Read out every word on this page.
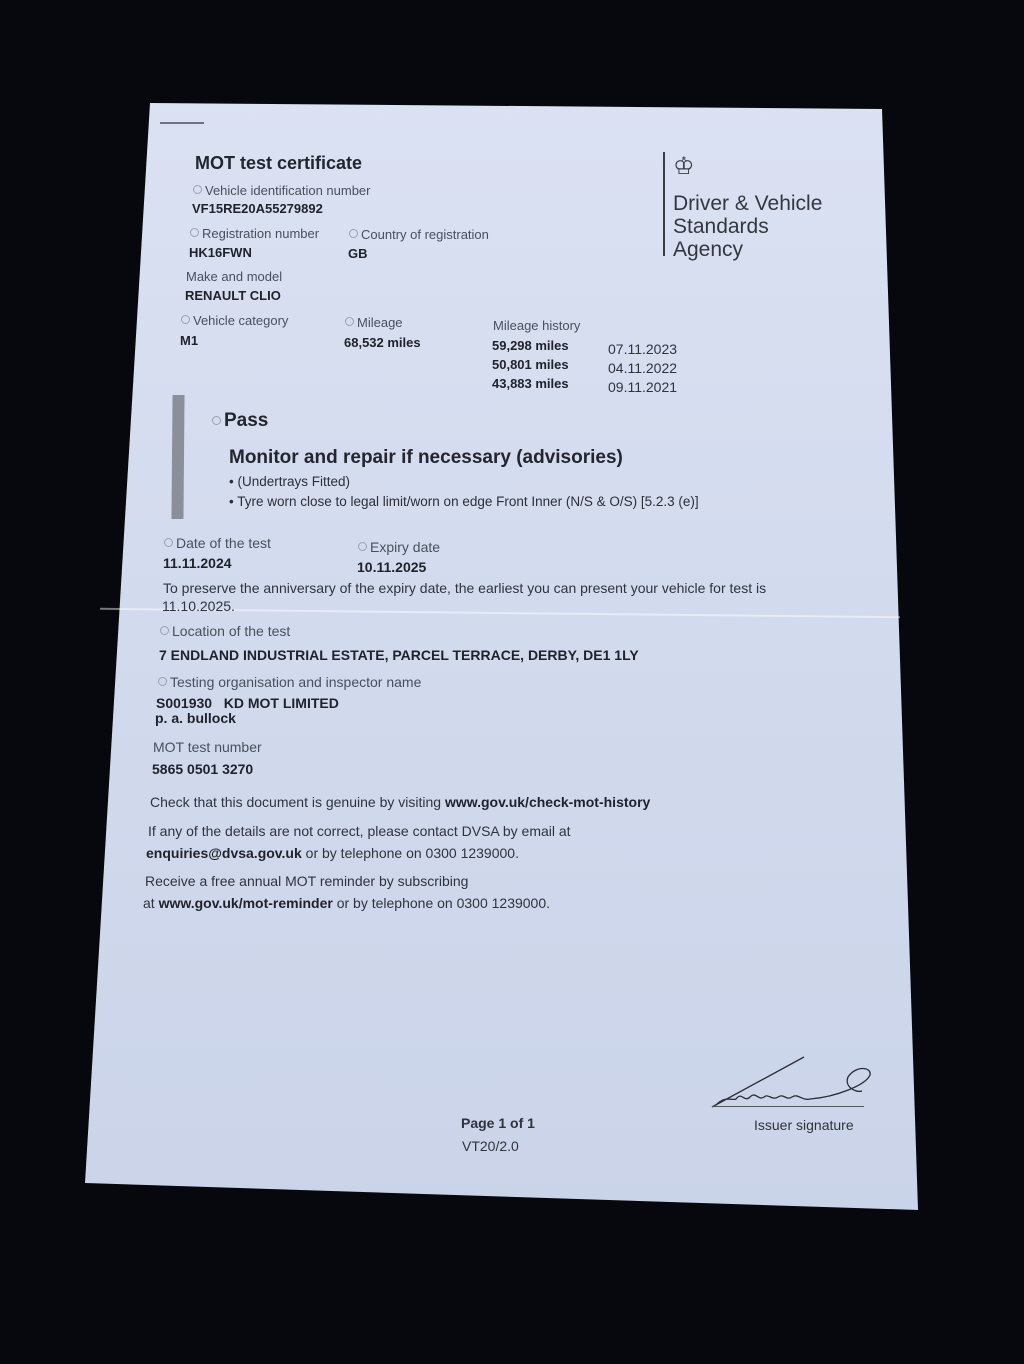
MOT test certificate	♔
Driver & Vehicle
Standards
Agency
Vehicle identification number
VF15RE20A55279892
Registration number
HK16FWN
Country of registration
GB
Make and model
RENAULT CLIO
Vehicle category
M1
Mileage
68,532 miles
Mileage history
59,298 miles	07.11.2023
50,801 miles	04.11.2022
43,883 miles	09.11.2021
Pass
Monitor and repair if necessary (advisories)
• (Undertrays Fitted)
• Tyre worn close to legal limit/worn on edge Front Inner (N/S & O/S) [5.2.3 (e)]
Date of the test
11.11.2024
Expiry date
10.11.2025
To preserve the anniversary of the expiry date, the earliest you can present your vehicle for test is
11.10.2025.
Location of the test
7 ENDLAND INDUSTRIAL ESTATE, PARCEL TERRACE, DERBY, DE1 1LY
Testing organisation and inspector name
S001930 KD MOT LIMITED
p. a. bullock
MOT test number
5865 0501 3270
Check that this document is genuine by visiting www.gov.uk/check-mot-history
If any of the details are not correct, please contact DVSA by email at
enquiries@dvsa.gov.uk or by telephone on 0300 1239000.
Receive a free annual MOT reminder by subscribing
at www.gov.uk/mot-reminder or by telephone on 0300 1239000.
Page 1 of 1
VT20/2.0
Issuer signature
